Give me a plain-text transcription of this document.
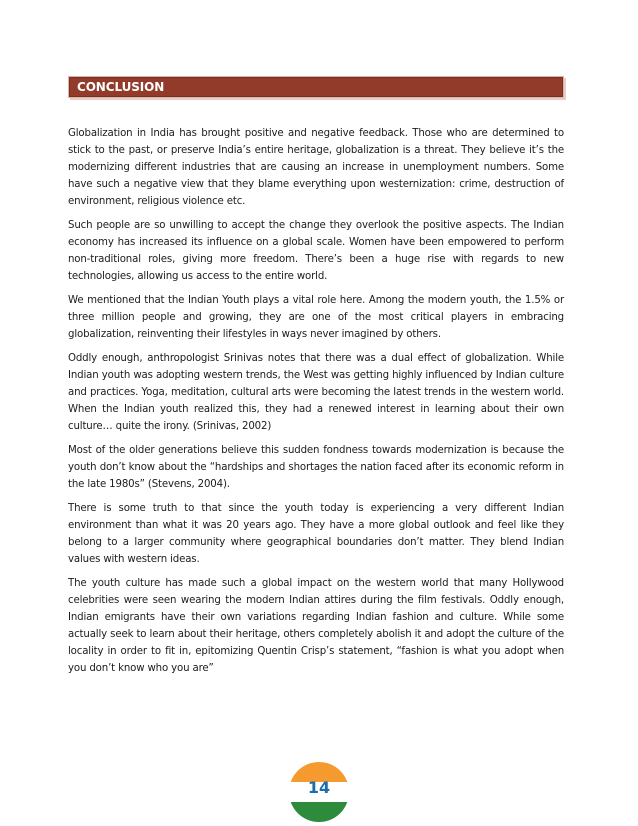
CONCLUSION

Globalization in India has brought positive and negative feedback. Those who are determined to stick to the past, or preserve India’s entire heritage, globalization is a threat. They believe it’s the modernizing different industries that are causing an increase in unemployment numbers. Some have such a negative view that they blame everything upon westernization: crime, destruction of environment, religious violence etc.

Such people are so unwilling to accept the change they overlook the positive aspects. The Indian economy has increased its influence on a global scale. Women have been empowered to perform non-traditional roles, giving more freedom. There’s been a huge rise with regards to new technologies, allowing us access to the entire world.

We mentioned that the Indian Youth plays a vital role here. Among the modern youth, the 1.5% or three million people and growing, they are one of the most critical players in embracing globalization, reinventing their lifestyles in ways never imagined by others.

Oddly enough, anthropologist Srinivas notes that there was a dual effect of globalization. While Indian youth was adopting western trends, the West was getting highly influenced by Indian culture and practices. Yoga, meditation, cultural arts were becoming the latest trends in the western world. When the Indian youth realized this, they had a renewed interest in learning about their own culture… quite the irony. (Srinivas, 2002)

Most of the older generations believe this sudden fondness towards modernization is because the youth don’t know about the “hardships and shortages the nation faced after its economic reform in the late 1980s” (Stevens, 2004).

There is some truth to that since the youth today is experiencing a very different Indian environment than what it was 20 years ago. They have a more global outlook and feel like they belong to a larger community where geographical boundaries don’t matter. They blend Indian values with western ideas.

The youth culture has made such a global impact on the western world that many Hollywood celebrities were seen wearing the modern Indian attires during the film festivals. Oddly enough, Indian emigrants have their own variations regarding Indian fashion and culture. While some actually seek to learn about their heritage, others completely abolish it and adopt the culture of the locality in order to fit in, epitomizing Quentin Crisp’s statement, “fashion is what you adopt when you don’t know who you are”

14
